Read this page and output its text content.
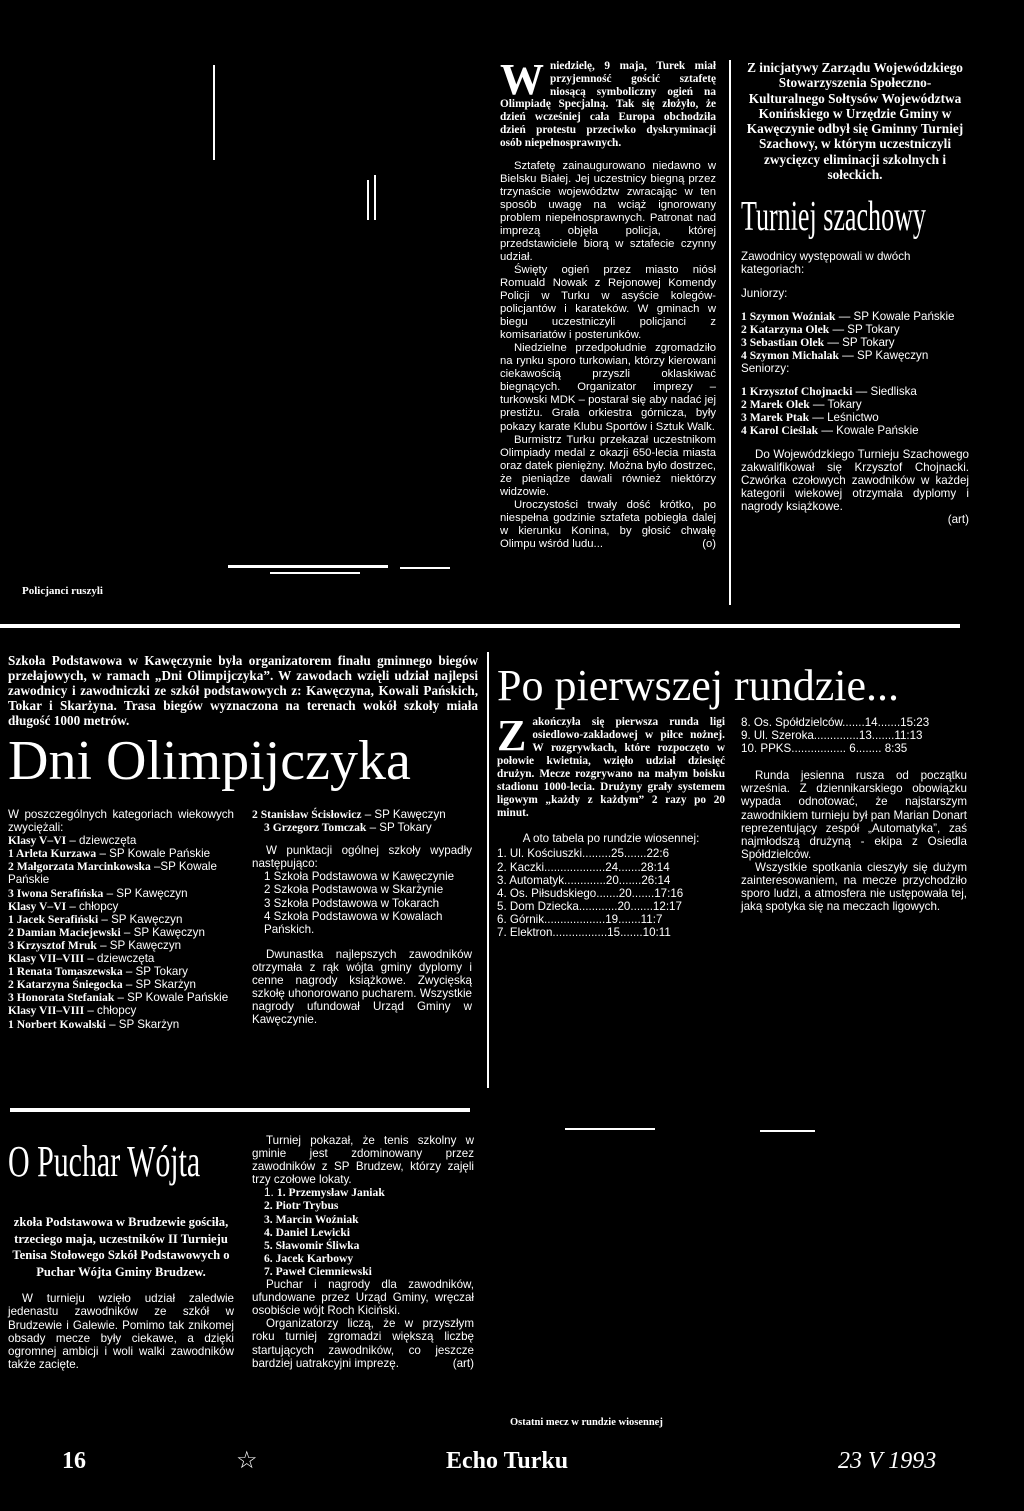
Policjanci ruszyli

W niedzielę, 9 maja, Turek miał przyjemność gościć sztafetę niosącą symboliczny ogień na Olimpiadę Specjalną. Tak się złożyło, że dzień wcześniej cała Europa obchodziła dzień protestu przeciwko dyskryminacji osób niepełnosprawnych.

Sztafetę zainaugurowano niedawno w Bielsku Białej. Jej uczestnicy biegną przez trzynaście województw zwracając w ten sposób uwagę na wciąż ignorowany problem niepełnosprawnych. Patronat nad imprezą objęła policja, której przedstawiciele biorą w sztafecie czynny udział.

Święty ogień przez miasto niósł Romuald Nowak z Rejonowej Komendy Policji w Turku w asyście kolegów-policjantów i karateków. W gminach w biegu uczestniczyli policjanci z komisariatów i posterunków.

Niedzielne przedpołudnie zgromadziło na rynku sporo turkowian, którzy kierowani ciekawością przyszli oklaskiwać biegnących. Organizator imprezy – turkowski MDK – postarał się aby nadać jej prestiżu. Grała orkiestra górnicza, były pokazy karate Klubu Sportów i Sztuk Walk.

Burmistrz Turku przekazał uczestnikom Olimpiady medal z okazji 650-lecia miasta oraz datek pieniężny. Można było dostrzec, że pieniądze dawali również niektórzy widzowie.

Uroczystości trwały dość krótko, po niespełna godzinie sztafeta pobiegła dalej w kierunku Konina, by głosić chwałę Olimpu wśród ludu...	(o)

Z inicjatywy Zarządu Wojewódzkiego Stowarzyszenia Społeczno-Kulturalnego Sołtysów Województwa Konińskiego w Urzędzie Gminy w Kawęczynie odbył się Gminny Turniej Szachowy, w którym uczestniczyli zwycięzcy eliminacji szkolnych i sołeckich.

Turniej szachowy

Zawodnicy występowali w dwóch kategoriach:

Juniorzy:

1 Szymon Woźniak — SP Kowale Pańskie

2 Katarzyna Olek — SP Tokary

3 Sebastian Olek — SP Tokary

4 Szymon Michalak — SP Kawęczyn

Seniorzy:

1 Krzysztof Chojnacki — Siedliska

2 Marek Olek — Tokary

3 Marek Ptak — Leśnictwo

4 Karol Cieślak — Kowale Pańskie

Do Wojewódzkiego Turnieju Szachowego zakwalifikował się Krzysztof Chojnacki. Czwórka czołowych zawodników w każdej kategorii wiekowej otrzymała dyplomy i nagrody książkowe.

(art)

Szkoła Podstawowa w Kawęczynie była organizatorem finału gminnego biegów przełajowych, w ramach „Dni Olimpijczyka”. W zawodach wzięli udział najlepsi zawodnicy i zawodniczki ze szkół podstawowych z: Kawęczyna, Kowali Pańskich, Tokar i Skarżyna. Trasa biegów wyznaczona na terenach wokół szkoły miała długość 1000 metrów.

Dni Olimpijczyka

W poszczególnych kategoriach wiekowych zwyciężali:

Klasy V–VI – dziewczęta

1 Arleta Kurzawa – SP Kowale Pańskie

2 Małgorzata Marcinkowska –SP Kowale Pańskie

3 Iwona Serafińska – SP Kawęczyn

Klasy V–VI – chłopcy

1 Jacek Serafiński – SP Kawęczyn

2 Damian Maciejewski – SP Kawęczyn

3 Krzysztof Mruk – SP Kawęczyn

Klasy VII–VIII – dziewczęta

1 Renata Tomaszewska – SP Tokary

2 Katarzyna Śniegocka – SP Skarżyn

3 Honorata Stefaniak – SP Kowale Pańskie

Klasy VII–VIII – chłopcy

1 Norbert Kowalski – SP Skarżyn

2 Stanisław Ścisłowicz – SP Kawęczyn

3 Grzegorz Tomczak – SP Tokary

W punktacji ogólnej szkoły wypadły następująco:

1 Szkoła Podstawowa w Kawęczynie

2 Szkoła Podstawowa w Skarżynie

3 Szkoła Podstawowa w Tokarach

4 Szkoła Podstawowa w Kowalach Pańskich.

Dwunastka najlepszych zawodników otrzymała z rąk wójta gminy dyplomy i cenne nagrody książkowe. Zwycięską szkołę uhonorowano pucharem. Wszystkie nagrody ufundował Urząd Gminy w Kawęczynie.

Po pierwszej rundzie...

Z akończyła się pierwsza runda ligi osiedlowo-zakładowej w piłce nożnej. W rozgrywkach, które rozpoczęto w połowie kwietnia, wzięło udział dziesięć drużyn. Mecze rozgrywano na małym boisku stadionu 1000-lecia. Drużyny grały systemem ligowym „każdy z każdym” 2 razy po 20 minut.

A oto tabela po rundzie wiosennej:

1. Ul. Kościuszki.........25.......22:6

2. Kaczki...................24.......28:14

3. Automatyk.............20.......26:14

4. Os. Piłsudskiego.......20.......17:16

5. Dom Dziecka............20.......12:17

6. Górnik...................19.......11:7

7. Elektron.................15.......10:11

8. Os. Spółdzielców.......14.......15:23

9. Ul. Szeroka..............13.......11:13

10. PPKS................. 6........ 8:35

Runda jesienna rusza od początku września. Z dziennikarskiego obowiązku wypada odnotować, że najstarszym zawodnikiem turnieju był pan Marian Donart reprezentujący zespół „Automatyka”, zaś najmłodszą drużyną - ekipa z Osiedla Spółdzielców.

Wszystkie spotkania cieszyły się dużym zainteresowaniem, na mecze przychodziło sporo ludzi, a atmosfera nie ustępowała tej, jaką spotyka się na meczach ligowych.

O Puchar Wójta

zkoła Podstawowa w Brudzewie gościła, trzeciego maja, uczestników II Turnieju Tenisa Stołowego Szkół Podstawowych o Puchar Wójta Gminy Brudzew.

W turnieju wzięło udział zaledwie jedenastu zawodników ze szkół w Brudzewie i Galewie. Pomimo tak znikomej obsady mecze były ciekawe, a dzięki ogromnej ambicji i woli walki zawodników także zacięte.

Turniej pokazał, że tenis szkolny w gminie jest zdominowany przez zawodników z SP Brudzew, którzy zajęli trzy czołowe lokaty.

1. 1. Przemysław Janiak

2. Piotr Trybus

3. Marcin Woźniak

4. Daniel Lewicki

5. Sławomir Śliwka

6. Jacek Karbowy

7. Paweł Ciemniewski

Puchar i nagrody dla zawodników, ufundowane przez Urząd Gminy, wręczał osobiście wójt Roch Kiciński.

Organizatorzy liczą, że w przyszłym roku turniej zgromadzi większą liczbę startujących zawodników, co jeszcze bardziej uatrakcyjni imprezę.	(art)

Ostatni mecz w rundzie wiosennej
16	☆	Echo Turku	23 V 1993
